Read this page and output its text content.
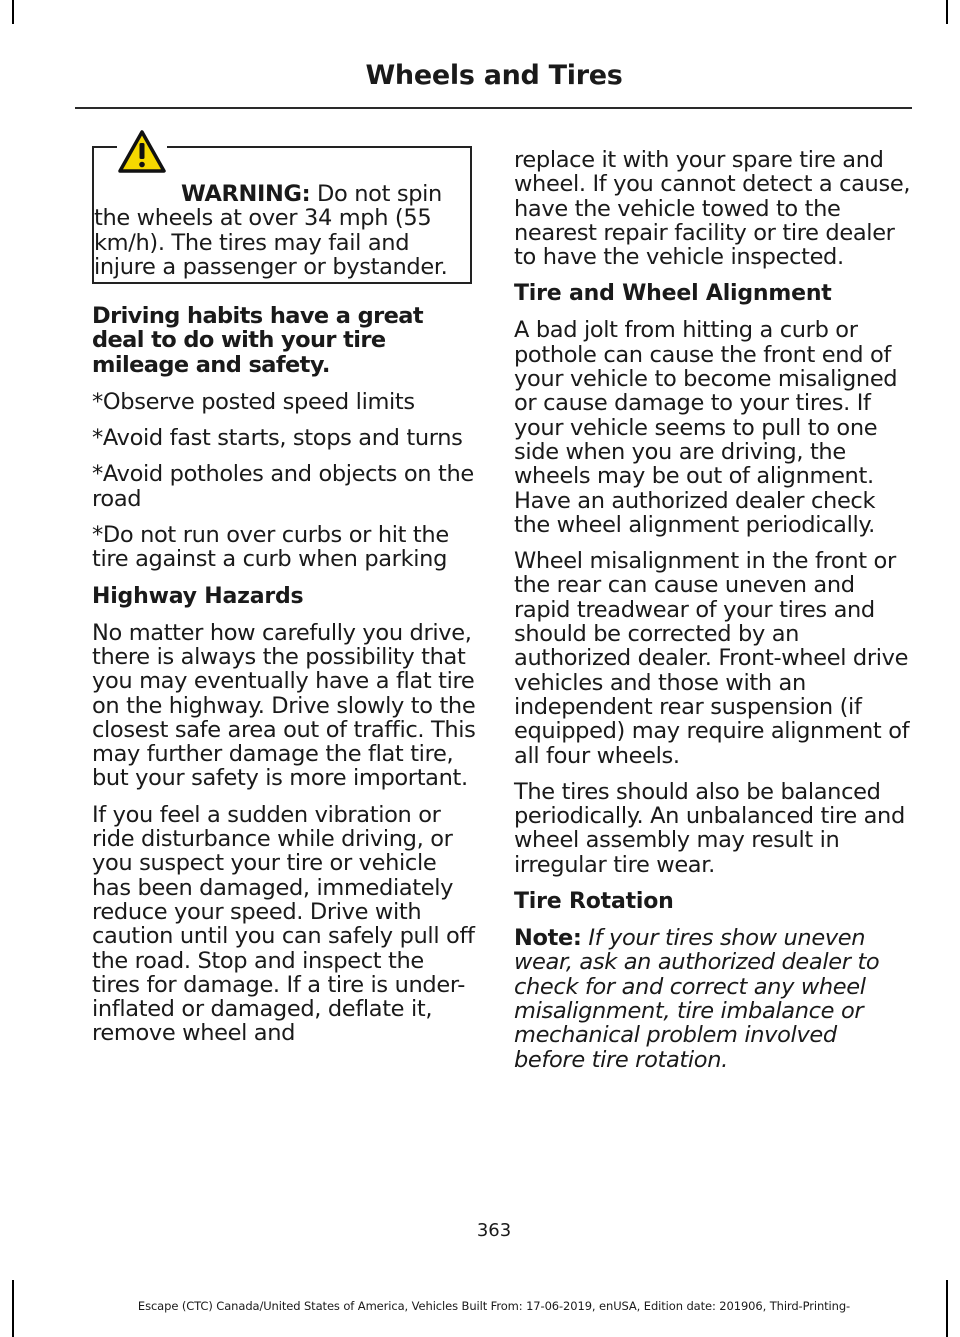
Wheels and Tires

WARNING: Do not spin the wheels at over 34 mph (55 km/h). The tires may fail and injure a passenger or bystander.

Driving habits have a great deal to do with your tire mileage and safety.

*Observe posted speed limits

*Avoid fast starts, stops and turns

*Avoid potholes and objects on the road

*Do not run over curbs or hit the tire against a curb when parking

Highway Hazards

No matter how carefully you drive, there is always the possibility that you may eventually have a flat tire on the highway. Drive slowly to the closest safe area out of traffic. This may further damage the flat tire, but your safety is more important.

If you feel a sudden vibration or ride disturbance while driving, or you suspect your tire or vehicle has been damaged, immediately reduce your speed. Drive with caution until you can safely pull off the road. Stop and inspect the tires for damage. If a tire is under-inflated or damaged, deflate it, remove wheel and

replace it with your spare tire and wheel. If you cannot detect a cause, have the vehicle towed to the nearest repair facility or tire dealer to have the vehicle inspected.

Tire and Wheel Alignment

A bad jolt from hitting a curb or pothole can cause the front end of your vehicle to become misaligned or cause damage to your tires. If your vehicle seems to pull to one side when you are driving, the wheels may be out of alignment. Have an authorized dealer check the wheel alignment periodically.

Wheel misalignment in the front or the rear can cause uneven and rapid treadwear of your tires and should be corrected by an authorized dealer. Front-wheel drive vehicles and those with an independent rear suspension (if equipped) may require alignment of all four wheels.

The tires should also be balanced periodically. An unbalanced tire and wheel assembly may result in irregular tire wear.

Tire Rotation

Note: If your tires show uneven wear, ask an authorized dealer to check for and correct any wheel misalignment, tire imbalance or mechanical problem involved before tire rotation.

363
Escape (CTC) Canada/United States of America, Vehicles Built From: 17-06-2019, enUSA, Edition date: 201906, Third-Printing-
